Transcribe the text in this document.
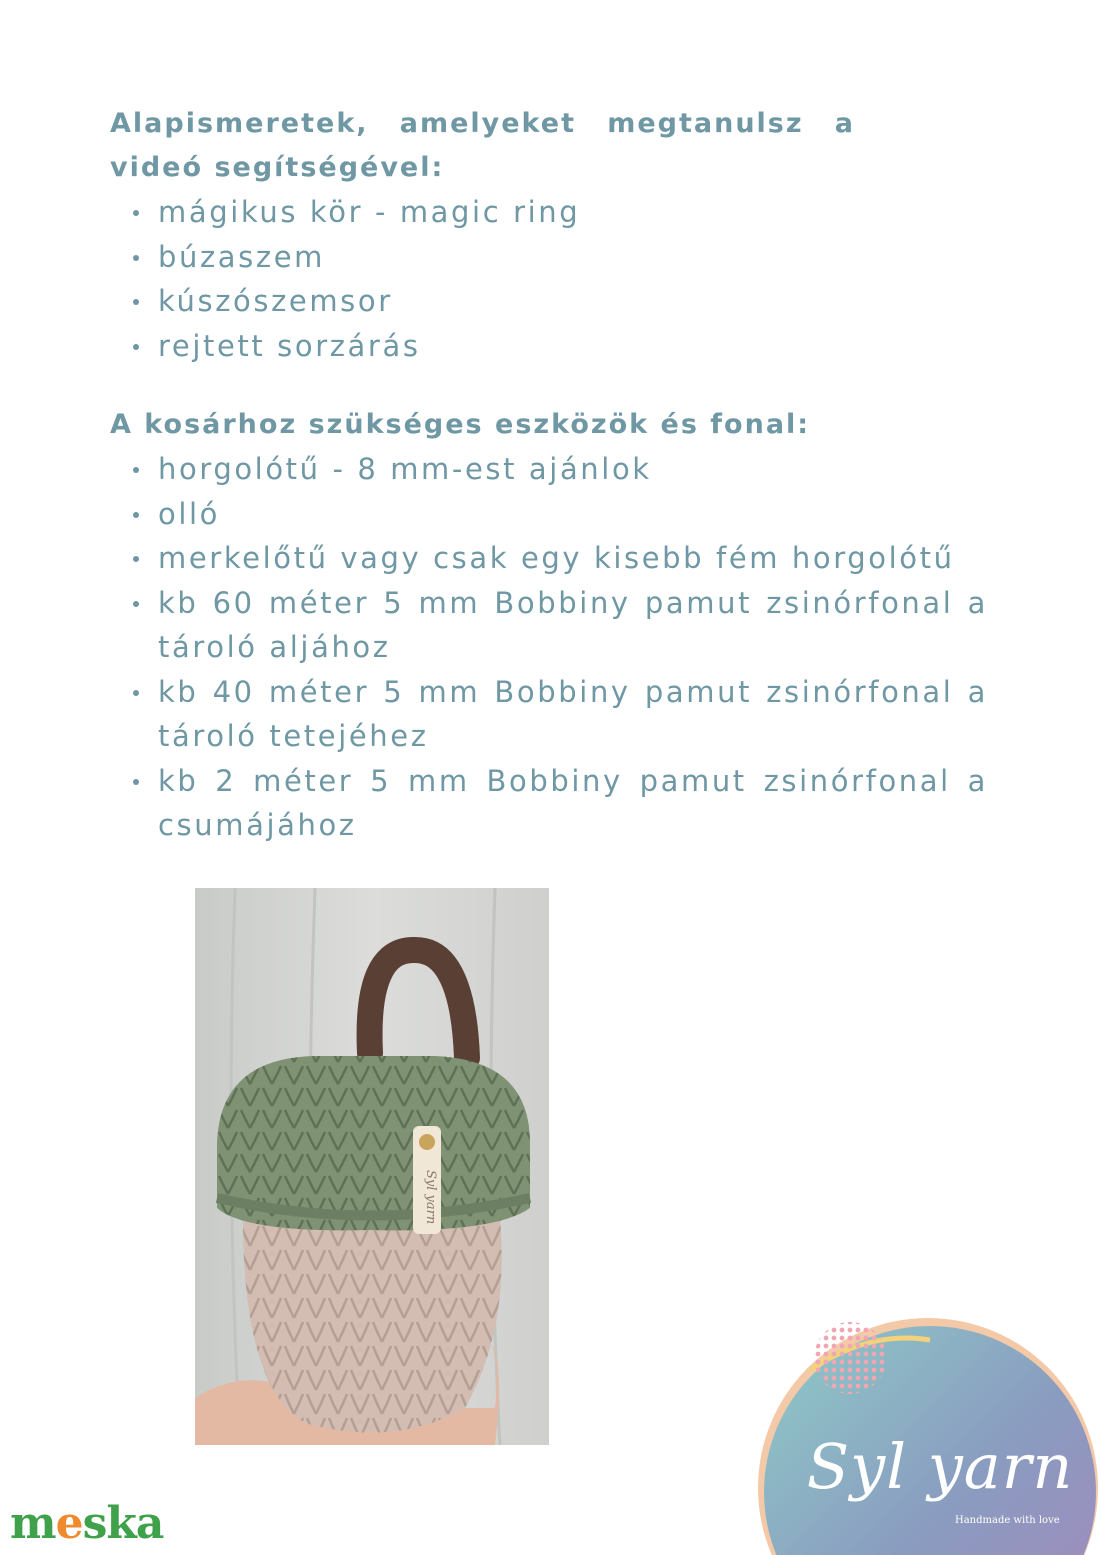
Alapismeretek, amelyeket megtanulsz a videó segítségével:
mágikus kör - magic ring
búzaszem
kúszószemsor
rejtett sorzárás
A kosárhoz szükséges eszközök és fonal:
horgolótű - 8 mm-est ajánlok
olló
merkelőtű vagy csak egy kisebb fém horgolótű
kb 60 méter 5 mm Bobbiny pamut zsinórfonal a tároló aljához
kb 40 méter 5 mm Bobbiny pamut zsinórfonal a tároló tetejéhez
kb 2 méter 5 mm Bobbiny pamut zsinórfonal a csumájához
Syl yarn
meska
Syl yarn
Handmade with love
